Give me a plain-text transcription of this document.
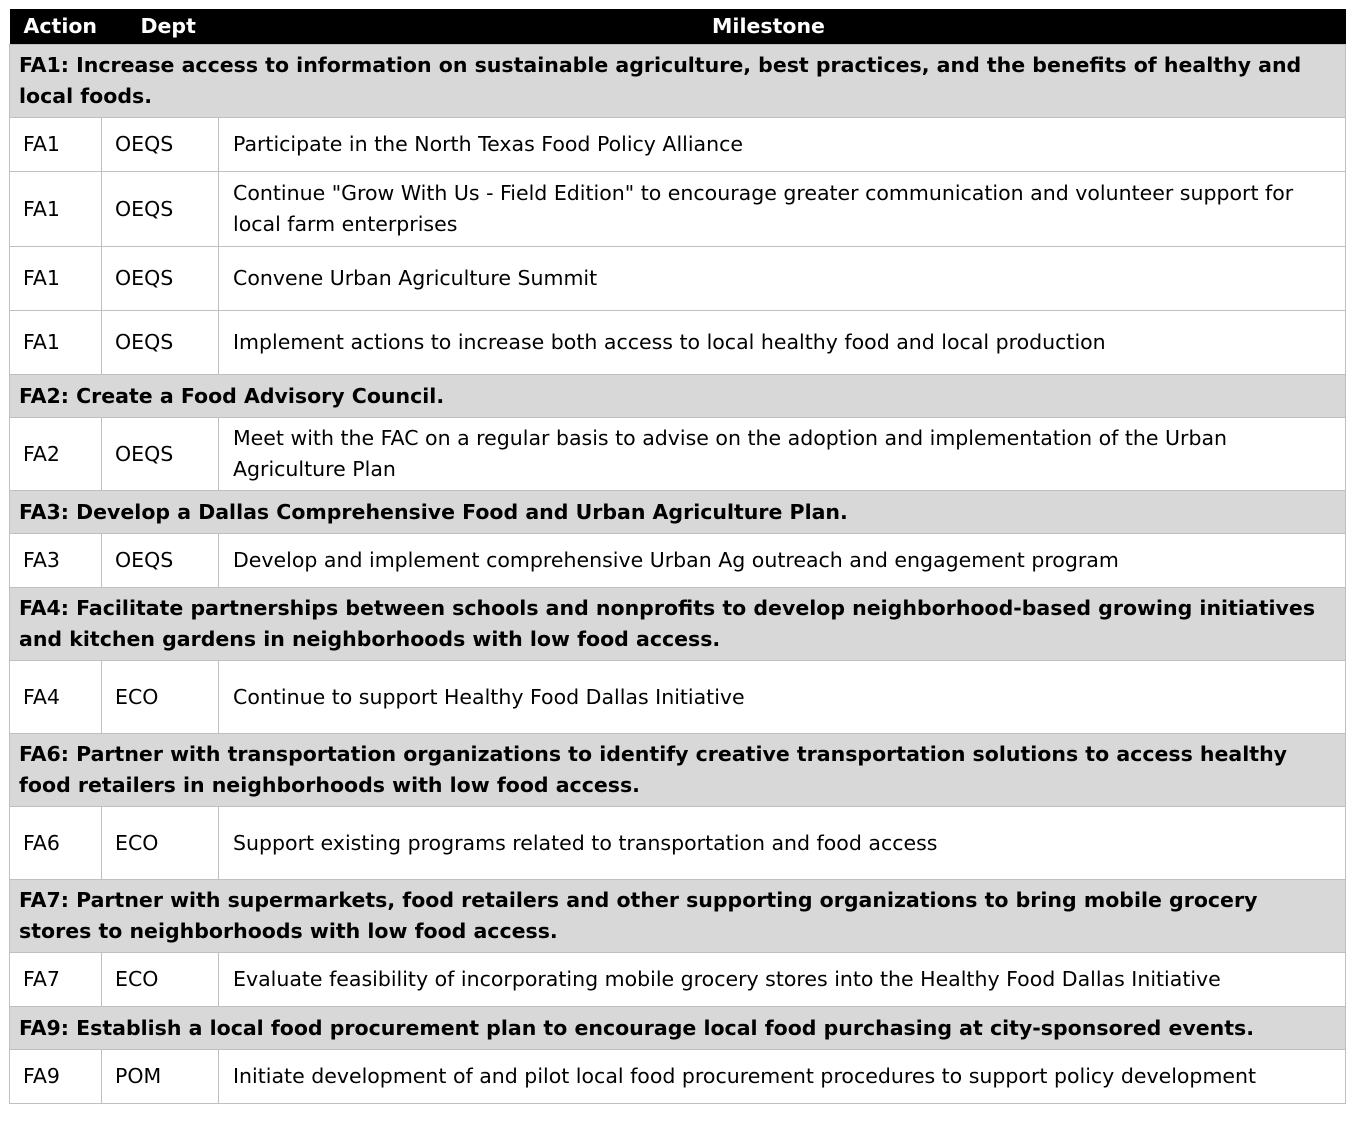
Action	Dept	Milestone
FA1: Increase access to information on sustainable agriculture, best practices, and the benefits of healthy and local foods.		
FA1	OEQS	Participate in the North Texas Food Policy Alliance
FA1	OEQS	Continue "Grow With Us - Field Edition" to encourage greater communication and volunteer support for local farm enterprises
FA1	OEQS	Convene Urban Agriculture Summit
FA1	OEQS	Implement actions to increase both access to local healthy food and local production
FA2: Create a Food Advisory Council.		
FA2	OEQS	Meet with the FAC on a regular basis to advise on the adoption and implementation of the Urban Agriculture Plan
FA3: Develop a Dallas Comprehensive Food and Urban Agriculture Plan.		
FA3	OEQS	Develop and implement comprehensive Urban Ag outreach and engagement program
FA4: Facilitate partnerships between schools and nonprofits to develop neighborhood-based growing initiatives and kitchen gardens in neighborhoods with low food access.		
FA4	ECO	Continue to support Healthy Food Dallas Initiative
FA6: Partner with transportation organizations to identify creative transportation solutions to access healthy food retailers in neighborhoods with low food access.		
FA6	ECO	Support existing programs related to transportation and food access
FA7: Partner with supermarkets, food retailers and other supporting organizations to bring mobile grocery stores to neighborhoods with low food access.		
FA7	ECO	Evaluate feasibility of incorporating mobile grocery stores into the Healthy Food Dallas Initiative
FA9: Establish a local food procurement plan to encourage local food purchasing at city-sponsored events.		
FA9	POM	Initiate development of and pilot local food procurement procedures to support policy development
